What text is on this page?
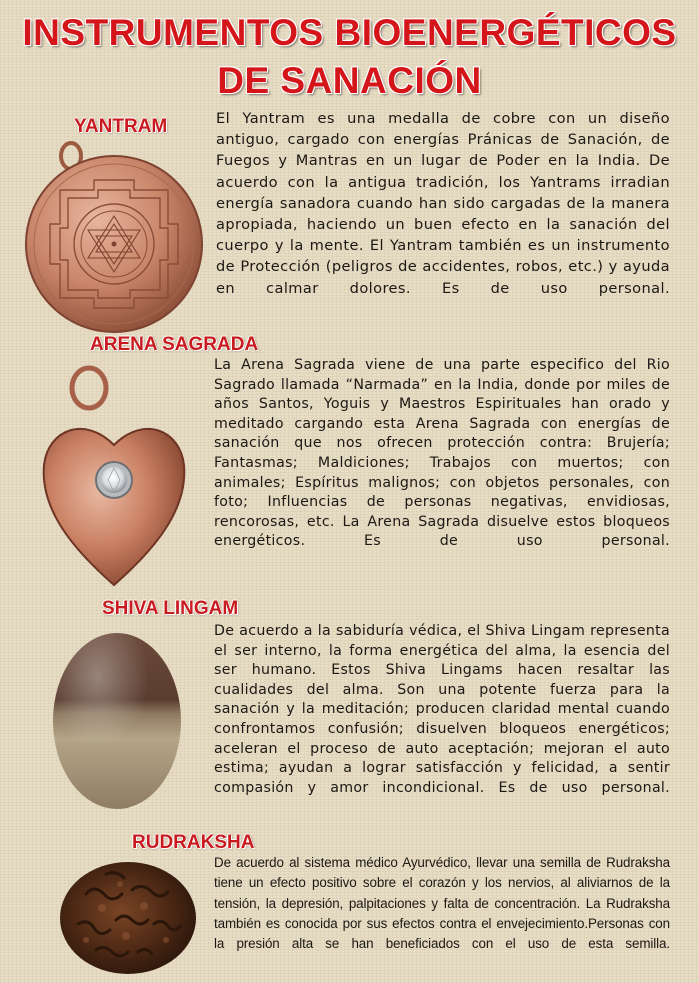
INSTRUMENTOS BIOENERGÉTICOS
DE SANACIÓN
YANTRAM	El Yantram es una medalla de cobre con un diseño antiguo, cargado con energías Pránicas de Sanación, de Fuegos y Mantras en un lugar de Poder en la India. De acuerdo con la antigua tradición, los Yantrams irradian energía sanadora cuando han sido cargadas de la manera apropiada, haciendo un buen efecto en la sanación del cuerpo y la mente. El Yantram también es un instrumento de Protección (peligros de accidentes, robos, etc.) y ayuda en calmar dolores. Es de uso personal.

ARENA SAGRADA

La Arena Sagrada viene de una parte especifico del Rio Sagrado llamada “Narmada” en la India, donde por miles de años Santos, Yoguis y Maestros Espirituales han orado y meditado cargando esta Arena Sagrada con energías de sanación que nos ofrecen protección contra: Brujería; Fantasmas; Maldiciones; Trabajos con muertos; con animales; Espíritus malignos; con objetos personales, con foto; Influencias de personas negativas, envidiosas, rencorosas, etc. La Arena Sagrada disuelve estos bloqueos energéticos. Es de uso personal.

SHIVA LINGAM

De acuerdo a la sabiduría védica, el Shiva Lingam representa el ser interno, la forma energética del alma, la esencia del ser humano. Estos Shiva Lingams hacen resaltar las cualidades del alma. Son una potente fuerza para la sanación y la meditación; producen claridad mental cuando confrontamos confusión; disuelven bloqueos energéticos; aceleran el proceso de auto aceptación; mejoran el auto estima; ayudan a lograr satisfacción y felicidad, a sentir compasión y amor incondicional. Es de uso personal.

RUDRAKSHA

De acuerdo al sistema médico Ayurvédico, llevar una semilla de Rudraksha tiene un efecto positivo sobre el corazón y los nervios, al aliviarnos de la tensión, la depresión, palpitaciones y falta de concentración. La Rudraksha también es conocida por sus efectos contra el envejecimiento.Personas con la presión alta se han beneficiados con el uso de esta semilla.
